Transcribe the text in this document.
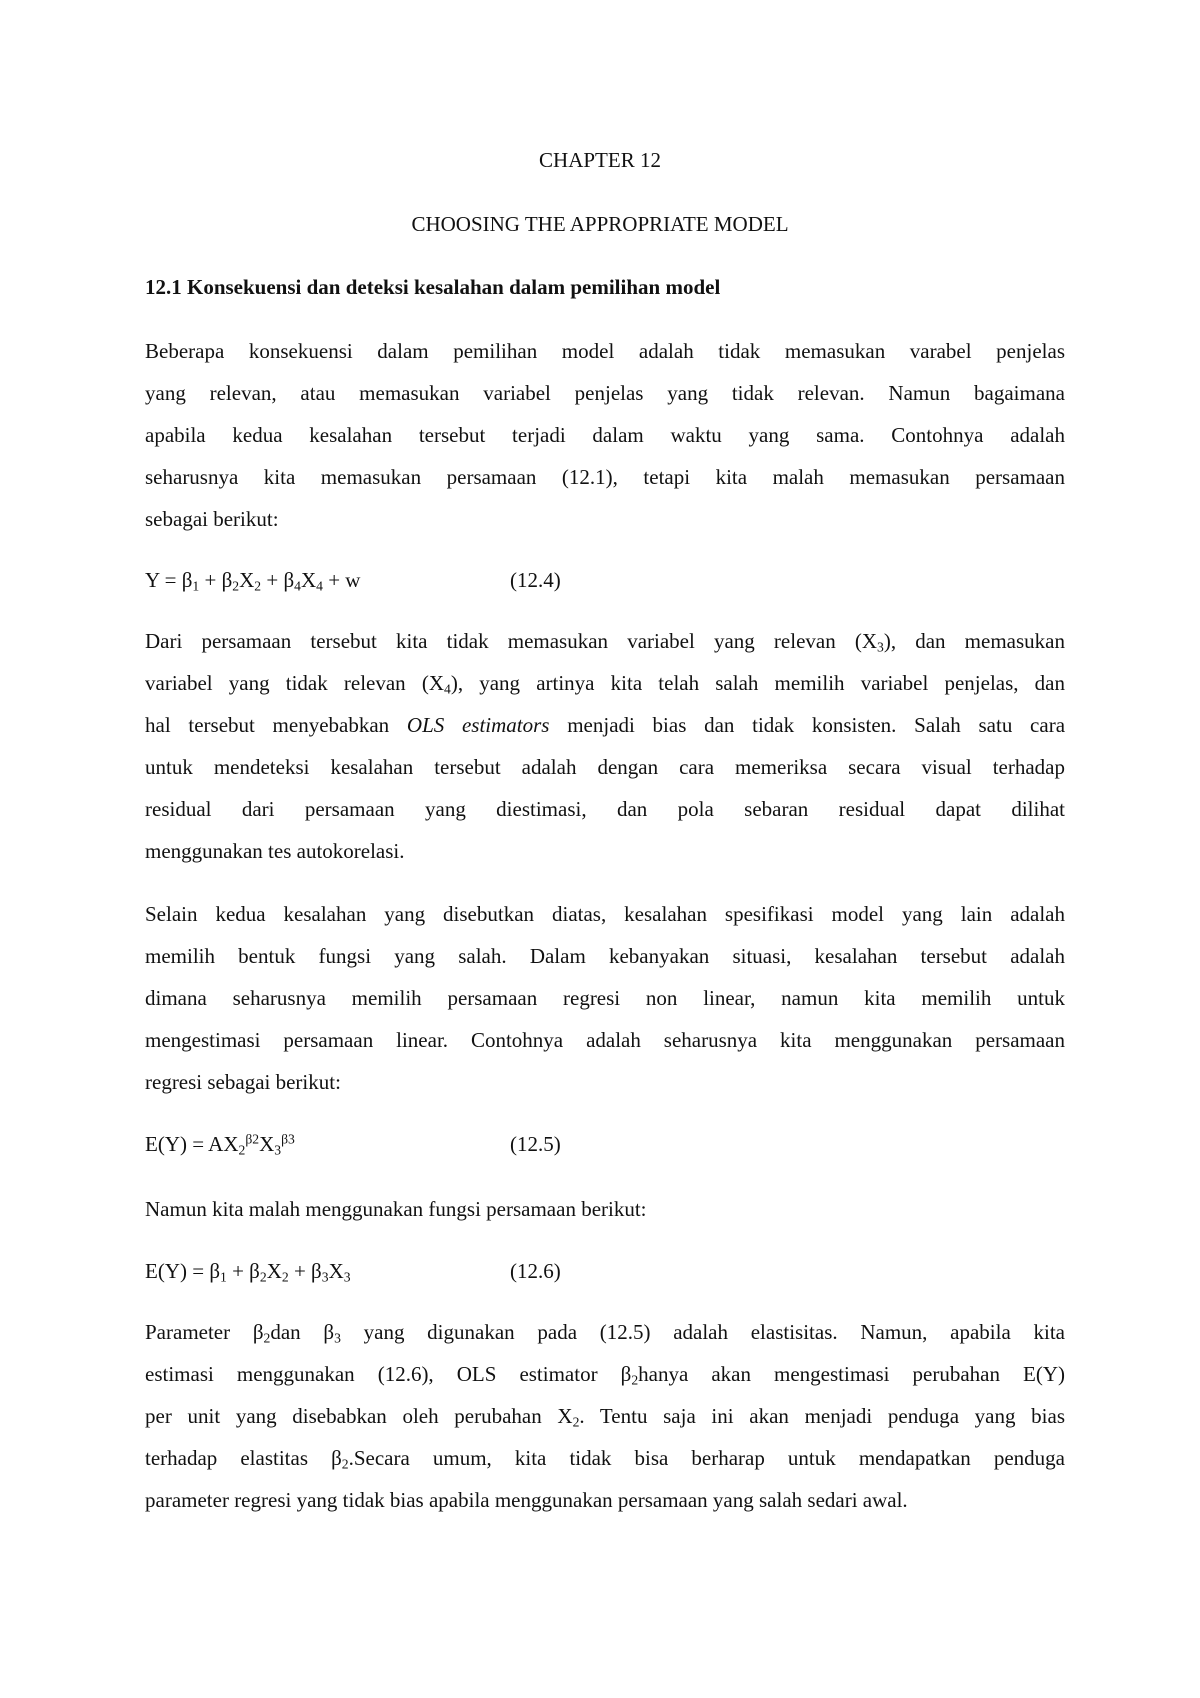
CHAPTER 12
CHOOSING THE APPROPRIATE MODEL
12.1 Konsekuensi dan deteksi kesalahan dalam pemilihan model
Beberapa konsekuensi dalam pemilihan model adalah tidak memasukan varabel penjelas
yang relevan, atau memasukan variabel penjelas yang tidak relevan. Namun bagaimana
apabila kedua kesalahan tersebut terjadi dalam waktu yang sama. Contohnya adalah
seharusnya kita memasukan persamaan (12.1), tetapi kita malah memasukan persamaan
sebagai berikut:
$Y = \beta_1 + \beta_2X_2 + \beta_4X_4 + w$	(12.4)
Dari persamaan tersebut kita tidak memasukan variabel yang relevan $(X_3)$, dan memasukan
variabel yang tidak relevan $(X_4)$, yang artinya kita telah salah memilih variabel penjelas, dan
hal tersebut menyebabkan OLS estimators menjadi bias dan tidak konsisten. Salah satu cara
untuk mendeteksi kesalahan tersebut adalah dengan cara memeriksa secara visual terhadap
residual dari persamaan yang diestimasi, dan pola sebaran residual dapat dilihat
menggunakan tes autokorelasi.
Selain kedua kesalahan yang disebutkan diatas, kesalahan spesifikasi model yang lain adalah
memilih bentuk fungsi yang salah. Dalam kebanyakan situasi, kesalahan tersebut adalah
dimana seharusnya memilih persamaan regresi non linear, namun kita memilih untuk
mengestimasi persamaan linear. Contohnya adalah seharusnya kita menggunakan persamaan
regresi sebagai berikut:
$E(Y) = AX_2^{\beta 2}X_3^{\beta 3}$	(12.5)
Namun kita malah menggunakan fungsi persamaan berikut:
$E(Y) = \beta_1 + \beta_2X_2 + \beta_3X_3$	(12.6)
Parameter $\beta_2dan$ $\beta_3$ yang digunakan pada (12.5) adalah elastisitas. Namun, apabila kita
estimasi menggunakan (12.6), OLS estimator $\beta_2hanya$ akan mengestimasi perubahan E(Y)
per unit yang disebabkan oleh perubahan $X_2$. Tentu saja ini akan menjadi penduga yang bias
terhadap elastitas $\beta_2.Secara$ umum, kita tidak bisa berharap untuk mendapatkan penduga
parameter regresi yang tidak bias apabila menggunakan persamaan yang salah sedari awal.
